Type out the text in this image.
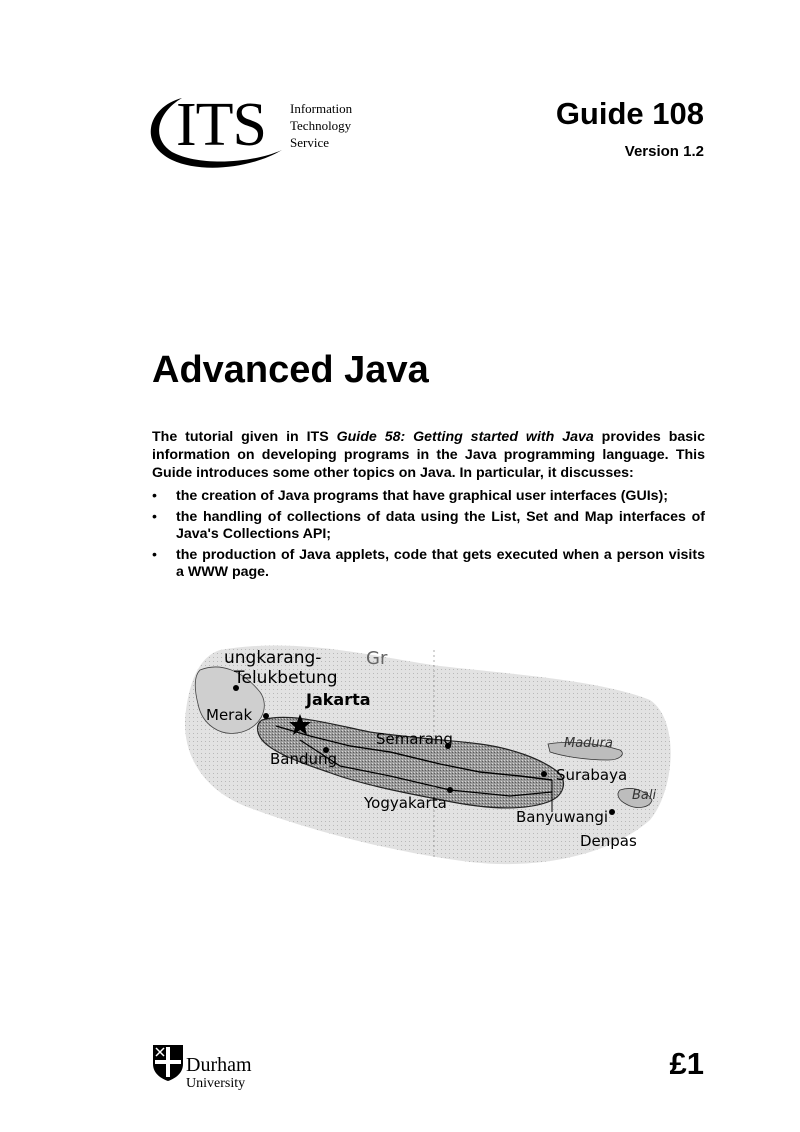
ITS Information
Technology
Service
Guide 108
Version 1.2
Advanced Java

The tutorial given in ITS Guide 58: Getting started with Java provides basic information on developing programs in the Java programming language. This Guide introduces some other topics on Java. In particular, it discusses:

• the creation of Java programs that have graphical user interfaces (GUIs);
• the handling of collections of data using the List, Set and Map interfaces of Java's Collections API;
• the production of Java applets, code that gets executed when a person visits a WWW page.
ungkarang- Gr
Telukbetung
Jakarta
Merak
Semarang	Madura
Bandung
Surabaya
Bali
Yogyakarta
Banyuwangi
Denpas
Durham
University
£1
